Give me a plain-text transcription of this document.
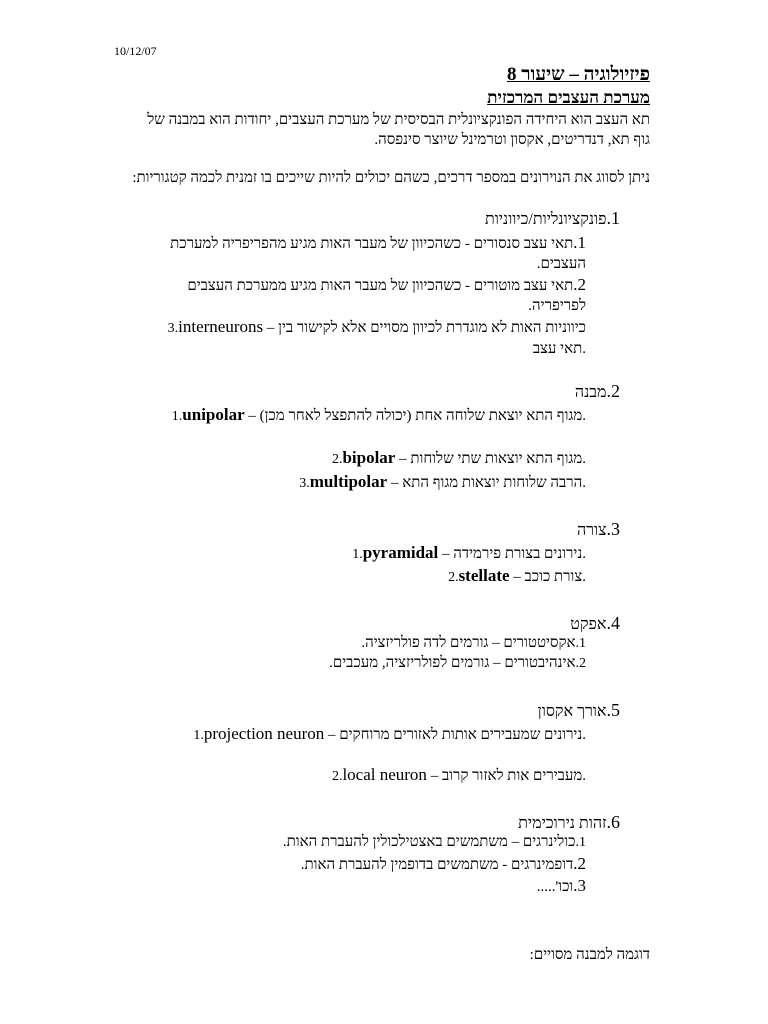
10/12/07
פיזיולוגיה – שיעור 8
מערכת העצבים המרכזית
תא העצב הוא היחידה הפונקציונלית הבסיסית של מערכת העצבים, יחודות הוא במבנה של גוף תא, דנדריטים, אקסון וטרמינל שיוצר סינפסה.
ניתן לסווג את הנוירונים במספר דרכים, כשהם יכולים להיות שייכים בו זמנית לכמה קטגוריות:
1.פונקציונליות/כיווניות
1.תאי עצב סנסורים - כשהכיוון של מעבר האות מגיע מהפריפריה למערכת העצבים.
2.תאי עצב מוטורים - כשהכיוון של מעבר האות מגיע ממערכת העצבים לפריפריה.
3.interneurons – כיווניות האות לא מוגדרת לכיוון מסויים אלא לקישור בין תאי עצב.
2.מבנה
1.unipolar – מגוף התא יוצאת שלוחה אחת (יכולה להתפצל לאחר מכן).
2.bipolar – מגוף התא יוצאות שתי שלוחות.
3.multipolar – הרבה שלוחות יוצאות מגוף התא.
3.צורה
1.pyramidal – נירונים בצורת פירמידה.
2.stellate – צורת כוכב.
4.אפקט
1.אקסיטטורים – גורמים לדה פולריזציה.
2.אינהיבטורים – גורמים לפולריזציה, מעכבים.
5.אורך אקסון
1.projection neuron – נירונים שמעבירים אותות לאזורים מרוחקים.
2.local neuron – מעבירים אות לאזור קרוב.
6.זהות נירוכימית
1.כולינרגים – משתמשים באצטילכולין להעברת האות.
2.דופמינרגים - משתמשים בדופמין להעברת האות.
3.וכו'.....
דוגמה למבנה מסויים:
